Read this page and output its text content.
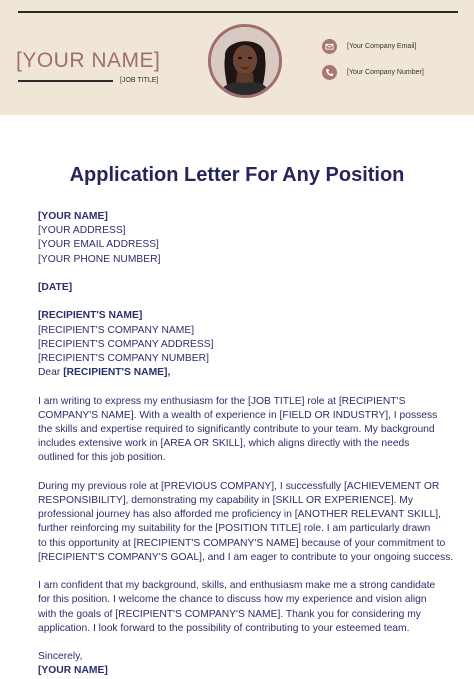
[YOUR NAME]
[JOB TITLE]
[Your Company Email]
[Your Company Number]
Application Letter For Any Position
[YOUR NAME]
[YOUR ADDRESS]
[YOUR EMAIL ADDRESS]
[YOUR PHONE NUMBER]
[DATE]
[RECIPIENT'S NAME]
[RECIPIENT'S COMPANY NAME]
[RECIPIENT'S COMPANY ADDRESS]
[RECIPIENT'S COMPANY NUMBER]
Dear [RECIPIENT'S NAME],
I am writing to express my enthusiasm for the [JOB TITLE] role at [RECIPIENT'S
COMPANY'S NAME]. With a wealth of experience in [FIELD OR INDUSTRY], I possess
the skills and expertise required to significantly contribute to your team. My background
includes extensive work in [AREA OR SKILL], which aligns directly with the needs
outlined for this job position.
During my previous role at [PREVIOUS COMPANY], I successfully [ACHIEVEMENT OR
RESPONSIBILITY], demonstrating my capability in [SKILL OR EXPERIENCE]. My
professional journey has also afforded me proficiency in [ANOTHER RELEVANT SKILL],
further reinforcing my suitability for the [POSITION TITLE] role. I am particularly drawn
to this opportunity at [RECIPIENT'S COMPANY'S NAME] because of your commitment to
[RECIPIENT'S COMPANY'S GOAL], and I am eager to contribute to your ongoing success.
I am confident that my background, skills, and enthusiasm make me a strong candidate
for this position. I welcome the chance to discuss how my experience and vision align
with the goals of [RECIPIENT'S COMPANY'S NAME]. Thank you for considering my
application. I look forward to the possibility of contributing to your esteemed team.
Sincerely,
[YOUR NAME]
